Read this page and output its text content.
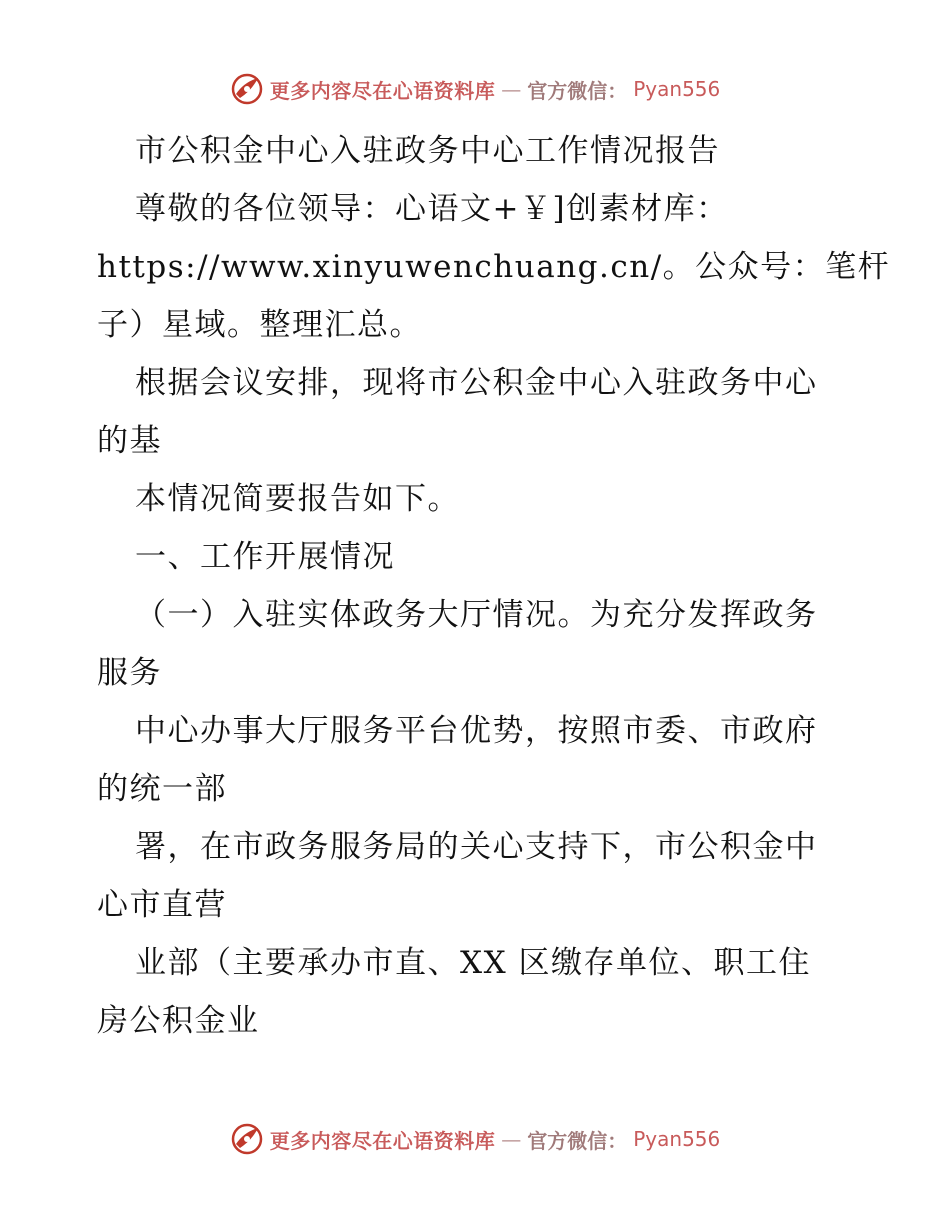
更多内容尽在心语资料库 — 官方微信： Pyan556
市公积金中心入驻政务中心工作情况报告
尊敬的各位领导：心语文+￥]创素材库：
https://www.xinyuwenchuang.cn/。公众号：笔杆
子）星域。整理汇总。
根据会议安排，现将市公积金中心入驻政务中心
的基
本情况简要报告如下。
一、工作开展情况
（一）入驻实体政务大厅情况。为充分发挥政务
服务
中心办事大厅服务平台优势，按照市委、市政府
的统一部
署，在市政务服务局的关心支持下，市公积金中
心市直营
业部（主要承办市直、XX 区缴存单位、职工住
房公积金业
更多内容尽在心语资料库 — 官方微信： Pyan556
